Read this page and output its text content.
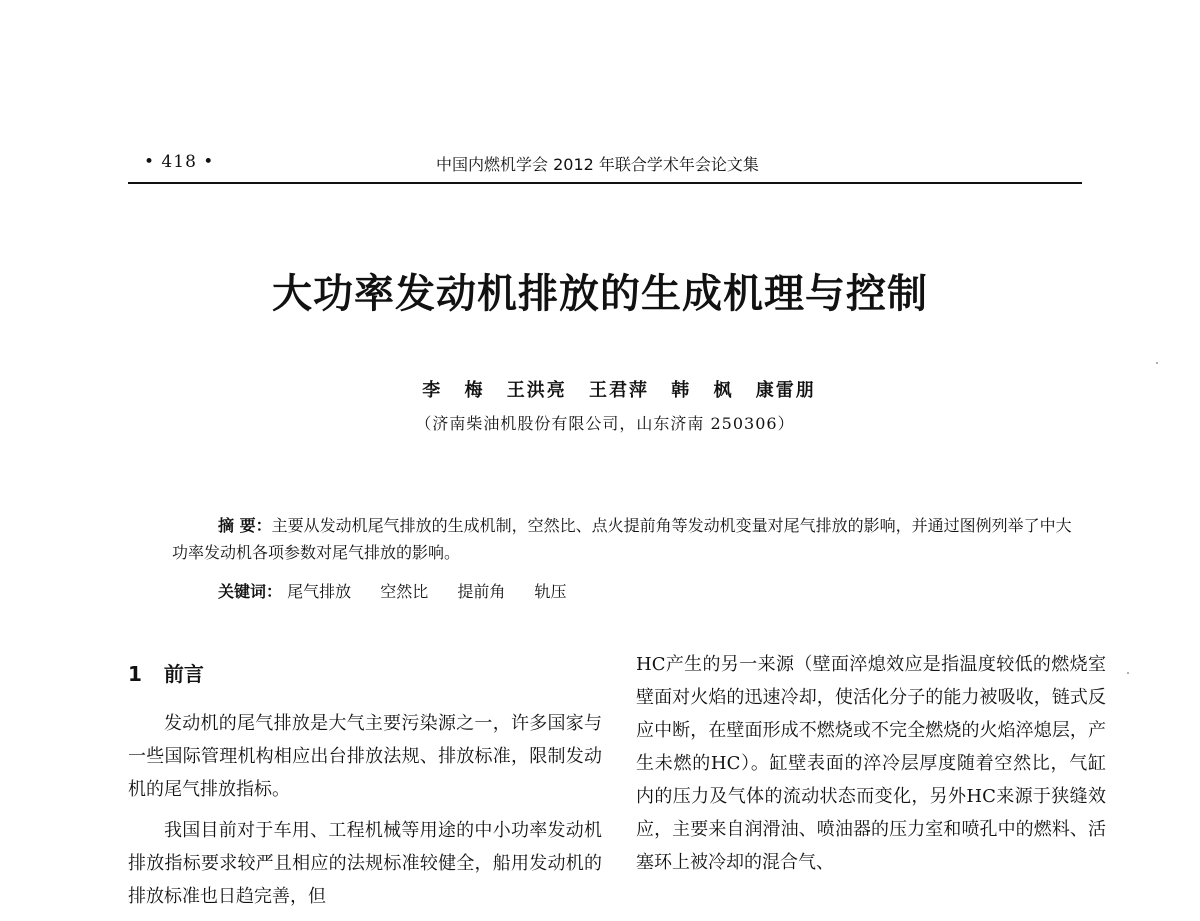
• 418 •	中国内燃机学会 2012 年联合学术年会论文集
大功率发动机排放的生成机理与控制
李 梅 王洪亮 王君萍 韩 枫 康雷朋
（济南柴油机股份有限公司，山东济南 250306）
摘 要：主要从发动机尾气排放的生成机制，空然比、点火提前角等发动机变量对尾气排放的影响，并通过图例列举了中大功率发动机各项参数对尾气排放的影响。
关键词： 尾气排放 空然比 提前角 轨压
1 前言

发动机的尾气排放是大气主要污染源之一，许多国家与一些国际管理机构相应出台排放法规、排放标准，限制发动机的尾气排放指标。

我国目前对于车用、工程机械等用途的中小功率发动机排放指标要求较严且相应的法规标准较健全，船用发动机的排放标准也日趋完善，但

HC产生的另一来源（壁面淬熄效应是指温度较低的燃烧室壁面对火焰的迅速冷却，使活化分子的能力被吸收，链式反应中断，在壁面形成不燃烧或不完全燃烧的火焰淬熄层，产生未燃的HC）。缸壁表面的淬冷层厚度随着空然比，气缸内的压力及气体的流动状态而变化，另外HC来源于狭缝效应，主要来自润滑油、喷油器的压力室和喷孔中的燃料、活塞环上被冷却的混合气、
